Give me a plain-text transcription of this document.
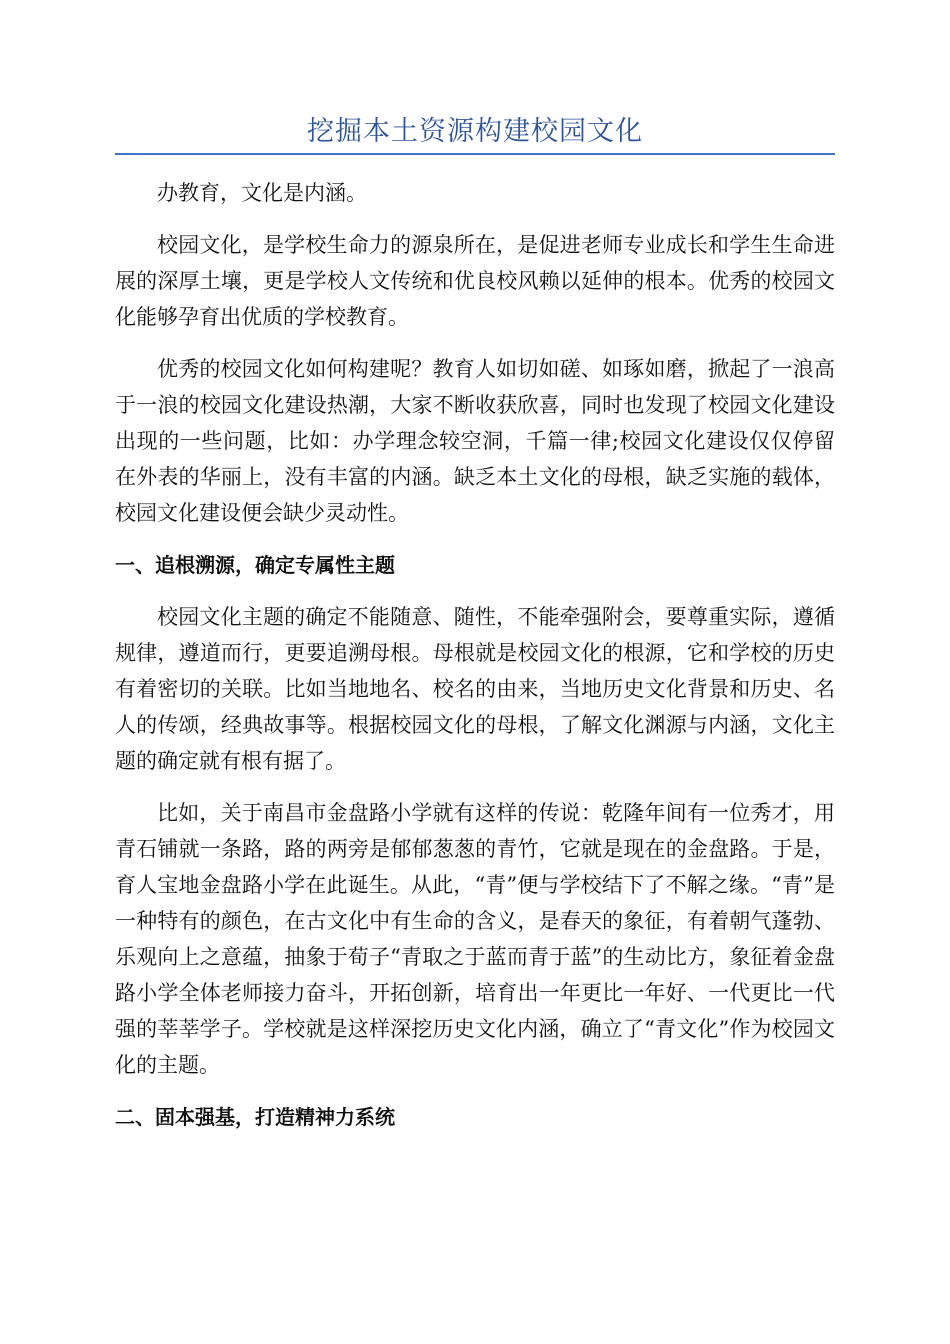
挖掘本土资源构建校园文化

办教育，文化是内涵。

校园文化，是学校生命力的源泉所在，是促进老师专业成长和学生生命进展的深厚土壤，更是学校人文传统和优良校风赖以延伸的根本。优秀的校园文化能够孕育出优质的学校教育。

优秀的校园文化如何构建呢？教育人如切如磋、如琢如磨，掀起了一浪高于一浪的校园文化建设热潮，大家不断收获欣喜，同时也发现了校园文化建设出现的一些问题，比如：办学理念较空洞，千篇一律;校园文化建设仅仅停留在外表的华丽上，没有丰富的内涵。缺乏本土文化的母根，缺乏实施的载体，校园文化建设便会缺少灵动性。

一、追根溯源，确定专属性主题

校园文化主题的确定不能随意、随性，不能牵强附会，要尊重实际，遵循规律，遵道而行，更要追溯母根。母根就是校园文化的根源，它和学校的历史有着密切的关联。比如当地地名、校名的由来，当地历史文化背景和历史、名人的传颂，经典故事等。根据校园文化的母根，了解文化渊源与内涵，文化主题的确定就有根有据了。

比如，关于南昌市金盘路小学就有这样的传说：乾隆年间有一位秀才，用青石铺就一条路，路的两旁是郁郁葱葱的青竹，它就是现在的金盘路。于是，育人宝地金盘路小学在此诞生。从此，“青”便与学校结下了不解之缘。“青”是一种特有的颜色，在古文化中有生命的含义，是春天的象征，有着朝气蓬勃、乐观向上之意蕴，抽象于荀子“青取之于蓝而青于蓝”的生动比方，象征着金盘路小学全体老师接力奋斗，开拓创新，培育出一年更比一年好、一代更比一代强的莘莘学子。学校就是这样深挖历史文化内涵，确立了“青文化”作为校园文化的主题。

二、固本强基，打造精神力系统
